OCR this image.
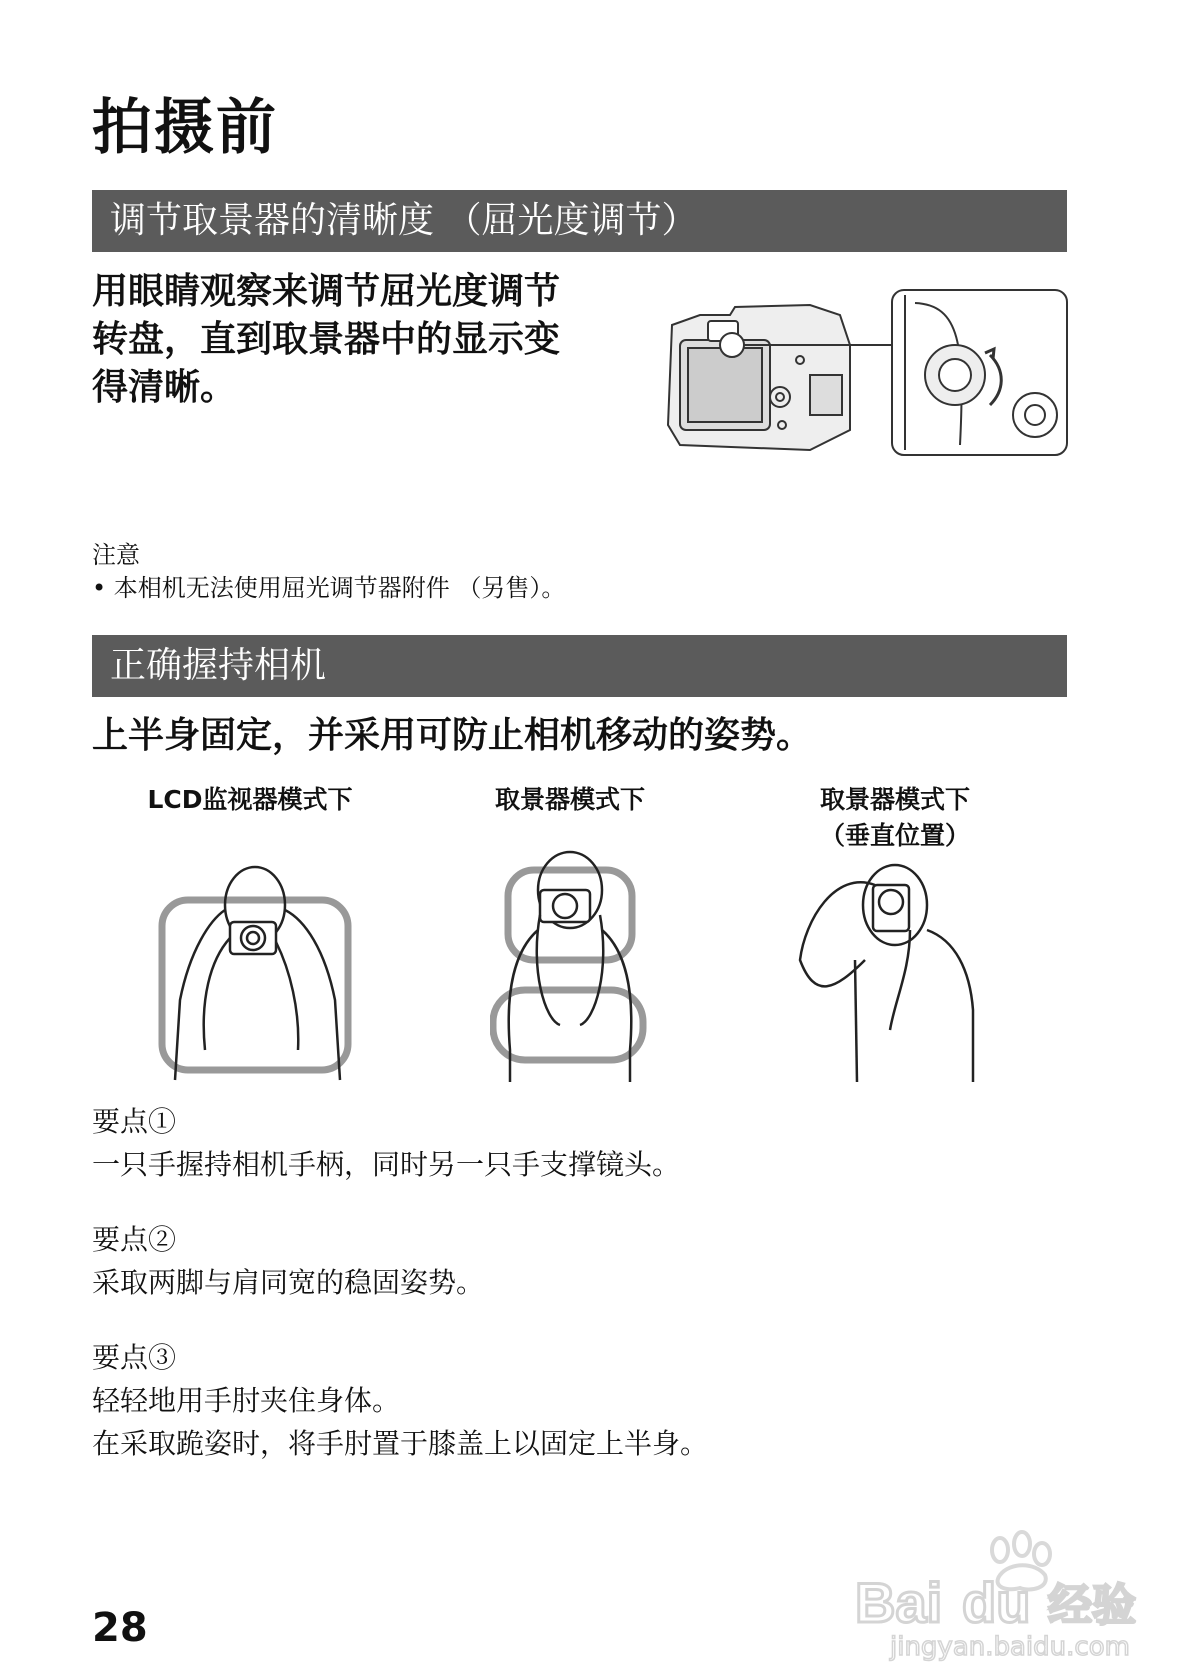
拍摄前
调节取景器的清晰度 （屈光度调节）
用眼睛观察来调节屈光度调节
转盘，直到取景器中的显示变
得清晰。
注意
• 本相机无法使用屈光调节器附件 （另售）。
正确握持相机
上半身固定，并采用可防止相机移动的姿势。
LCD监视器模式下	取景器模式下	取景器模式下
（垂直位置）
要点①
一只手握持相机手柄，同时另一只手支撑镜头。
要点②
采取两脚与肩同宽的稳固姿势。
要点③
轻轻地用手肘夹住身体。
在采取跪姿时，将手肘置于膝盖上以固定上半身。
28	Bai du 经验
jingyan.baidu.com
